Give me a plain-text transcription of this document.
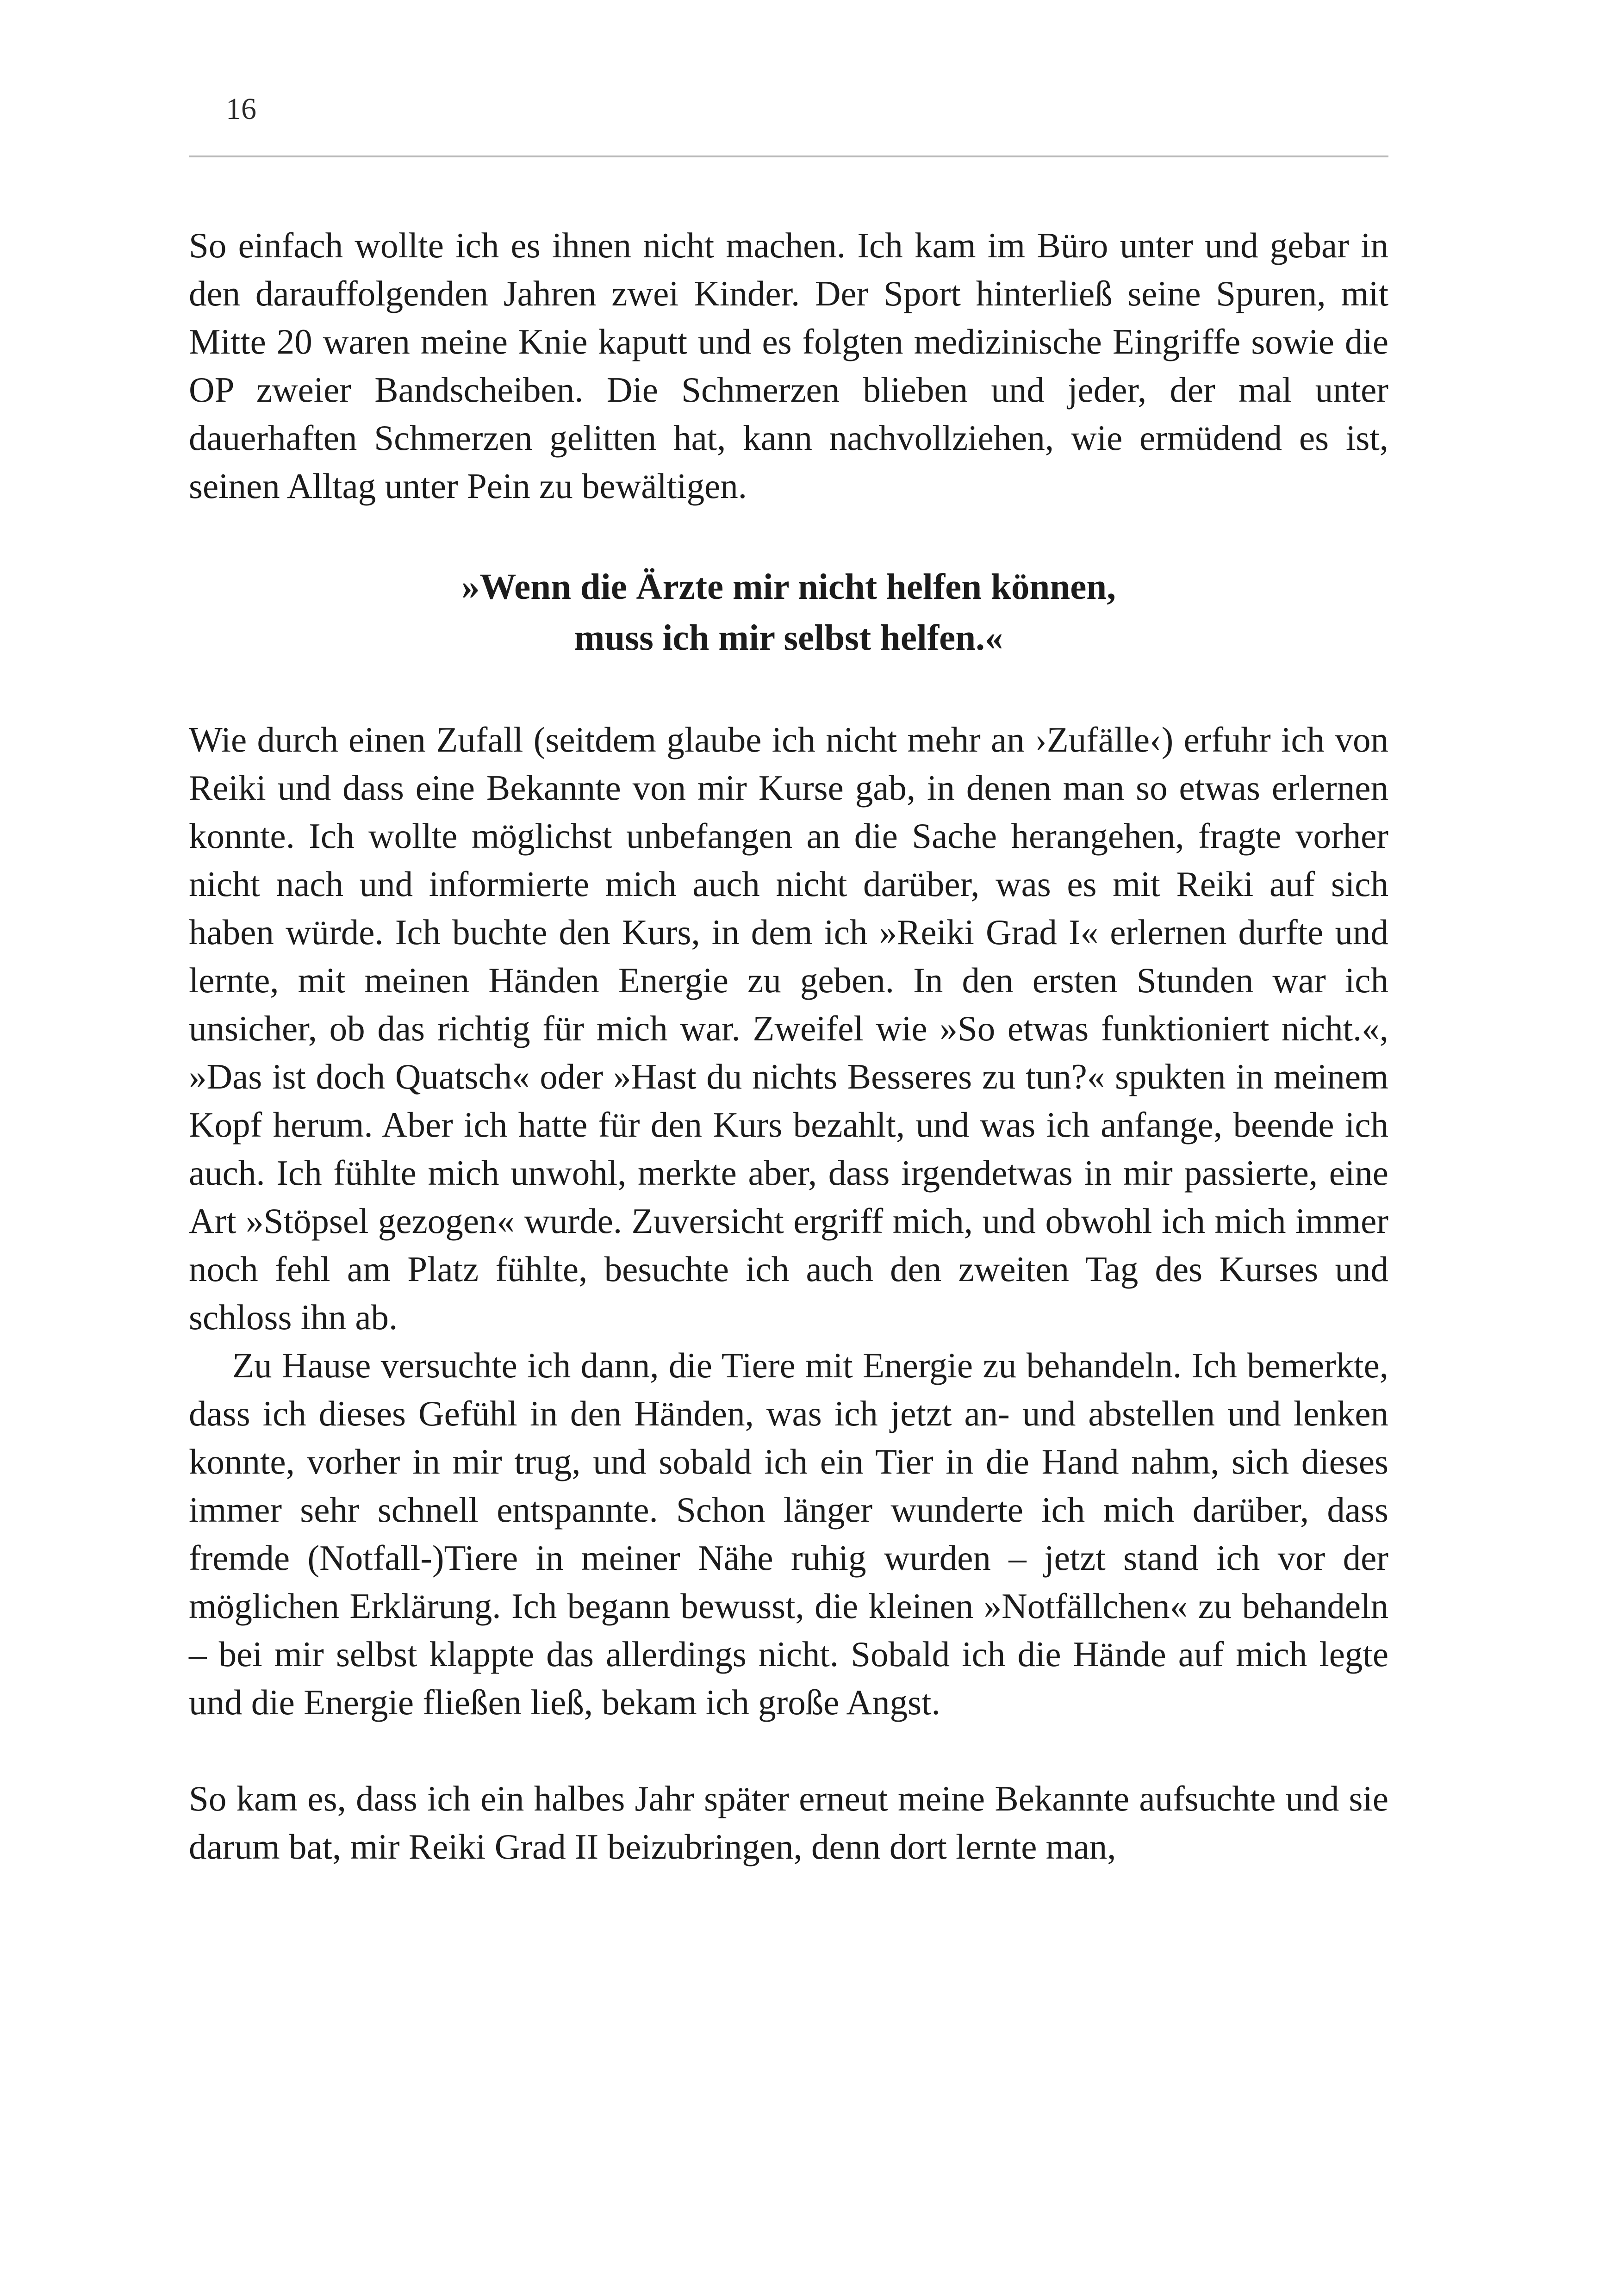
16

So einfach wollte ich es ihnen nicht machen. Ich kam im Büro unter und gebar in den darauffolgenden Jahren zwei Kinder. Der Sport hinterließ seine Spuren, mit Mitte 20 waren meine Knie kaputt und es folgten medizinische Eingriffe sowie die OP zweier Bandscheiben. Die Schmerzen blieben und jeder, der mal unter dauerhaften Schmerzen gelitten hat, kann nachvollziehen, wie ermüdend es ist, seinen Alltag unter Pein zu bewältigen.

»Wenn die Ärzte mir nicht helfen können,
muss ich mir selbst helfen.«

Wie durch einen Zufall (seitdem glaube ich nicht mehr an ›Zufälle‹) erfuhr ich von Reiki und dass eine Bekannte von mir Kurse gab, in denen man so etwas erlernen konnte. Ich wollte möglichst unbefangen an die Sache herangehen, fragte vorher nicht nach und informierte mich auch nicht darüber, was es mit Reiki auf sich haben würde. Ich buchte den Kurs, in dem ich »Reiki Grad I« erlernen durfte und lernte, mit meinen Händen Energie zu geben. In den ersten Stunden war ich unsicher, ob das richtig für mich war. Zweifel wie »So etwas funktioniert nicht.«, »Das ist doch Quatsch« oder »Hast du nichts Besseres zu tun?« spukten in meinem Kopf herum. Aber ich hatte für den Kurs bezahlt, und was ich anfange, beende ich auch. Ich fühlte mich unwohl, merkte aber, dass irgendetwas in mir passierte, eine Art »Stöpsel gezogen« wurde. Zuversicht ergriff mich, und obwohl ich mich immer noch fehl am Platz fühlte, besuchte ich auch den zweiten Tag des Kurses und schloss ihn ab.

Zu Hause versuchte ich dann, die Tiere mit Energie zu behandeln. Ich bemerkte, dass ich dieses Gefühl in den Händen, was ich jetzt an- und abstellen und lenken konnte, vorher in mir trug, und sobald ich ein Tier in die Hand nahm, sich dieses immer sehr schnell entspannte. Schon länger wunderte ich mich darüber, dass fremde (Notfall-)Tiere in meiner Nähe ruhig wurden – jetzt stand ich vor der möglichen Erklärung. Ich begann bewusst, die kleinen »Notfällchen« zu behandeln – bei mir selbst klappte das allerdings nicht. Sobald ich die Hände auf mich legte und die Energie fließen ließ, bekam ich große Angst.

So kam es, dass ich ein halbes Jahr später erneut meine Bekannte aufsuchte und sie darum bat, mir Reiki Grad II beizubringen, denn dort lernte man,
